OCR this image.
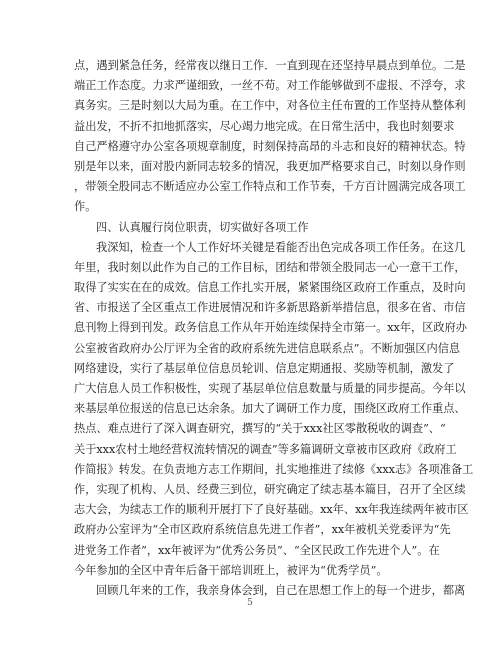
点，遇到紧急任务，经常夜以继日工作．一直到现在还坚持早晨点到单位。二是
端正工作态度。力求严谨细致，一丝不苟。对工作能够做到不虚报、不浮夸，求
真务实。三是时刻以大局为重。在工作中，对各位主任布置的工作坚持从整体利
益出发，不折不扣地抓落实，尽心竭力地完成。在日常生活中，我也时刻要求
自己严格遵守办公室各项规章制度，时刻保持高昂的斗志和良好的精神状态。特
别是年以来，面对股内新同志较多的情况，我更加严格要求自己，时刻以身作则
，带领全股同志不断适应办公室工作特点和工作节奏，千方百计圆满完成各项工
作。
四、认真履行岗位职责，切实做好各项工作
我深知，检查一个人工作好坏关键是看能否出色完成各项工作任务。在这几
年里，我时刻以此作为自己的工作目标，团结和带领全股同志一心一意干工作，
取得了实实在在的成效。信息工作扎实开展，紧紧围绕区政府工作重点，及时向
省、市报送了全区重点工作进展情况和许多新思路新举措信息，很多在省、市信
息刊物上得到刊发。政务信息工作从年开始连续保持全市第一。xx年，区政府办
公室被省政府办公厅评为全省的政府系统先进信息联系点”。不断加强区内信息
网络建设，实行了基层单位信息员轮训、信息定期通报、奖励等机制，激发了
广大信息人员工作积极性，实现了基层单位信息数量与质量的同步提高。今年以
来基层单位报送的信息已达余条。加大了调研工作力度，围绕区政府工作重点、
热点、难点进行了深入调查研究，撰写的“关于xxx社区零散税收的调查”、“
关于xxx农村土地经营权流转情况的调查”等多篇调研文章被市区政府《政府工
作简报》转发。在负责地方志工作期间，扎实地推进了续修《xxx志》各项准备工
作，实现了机构、人员、经费三到位，研究确定了续志基本篇目，召开了全区续
志大会，为续志工作的顺利开展打下了良好基础。xx年、xx年我连续两年被市区
政府办公室评为“全市区政府系统信息先进工作者”，xx年被机关党委评为“先
进党务工作者”，xx年被评为“优秀公务员”、“全区民政工作先进个人”。在
今年参加的全区中青年后备干部培训班上，被评为“优秀学员”。
回顾几年来的工作，我亲身体会到，自己在思想工作上的每一个进步，都离
5
